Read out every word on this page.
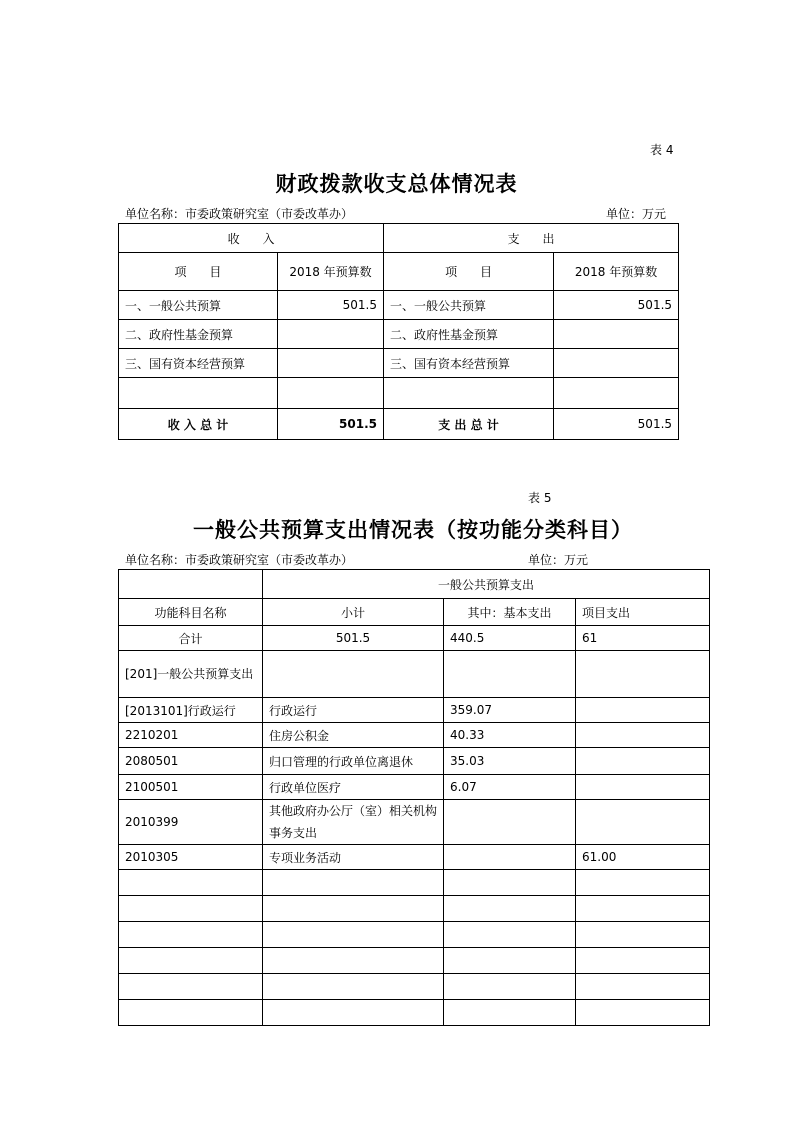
表 4
财政拨款收支总体情况表
单位名称：市委政策研究室（市委改革办）	单位：万元
收      入		支      出	
项      目	2018 年预算数	项      目	2018 年预算数
一、一般公共预算	501.5	一、一般公共预算	501.5
二、政府性基金预算		二、政府性基金预算	
三、国有资本经营预算		三、国有资本经营预算	

收 入 总 计	501.5	支 出 总 计	501.5
表 5
一般公共预算支出情况表（按功能分类科目）
单位名称：市委政策研究室（市委改革办）	单位：万元
	一般公共预算支出		
功能科目名称	小计	其中：基本支出	项目支出
合计	501.5	440.5	61
[201]一般公共预算支出			
[2013101]行政运行	行政运行	359.07	
2210201	住房公积金	40.33	
2080501	归口管理的行政单位离退休	35.03	
2100501	行政单位医疗	6.07	
2010399	其他政府办公厅（室）相关机构事务支出		
2010305	专项业务活动		61.00
